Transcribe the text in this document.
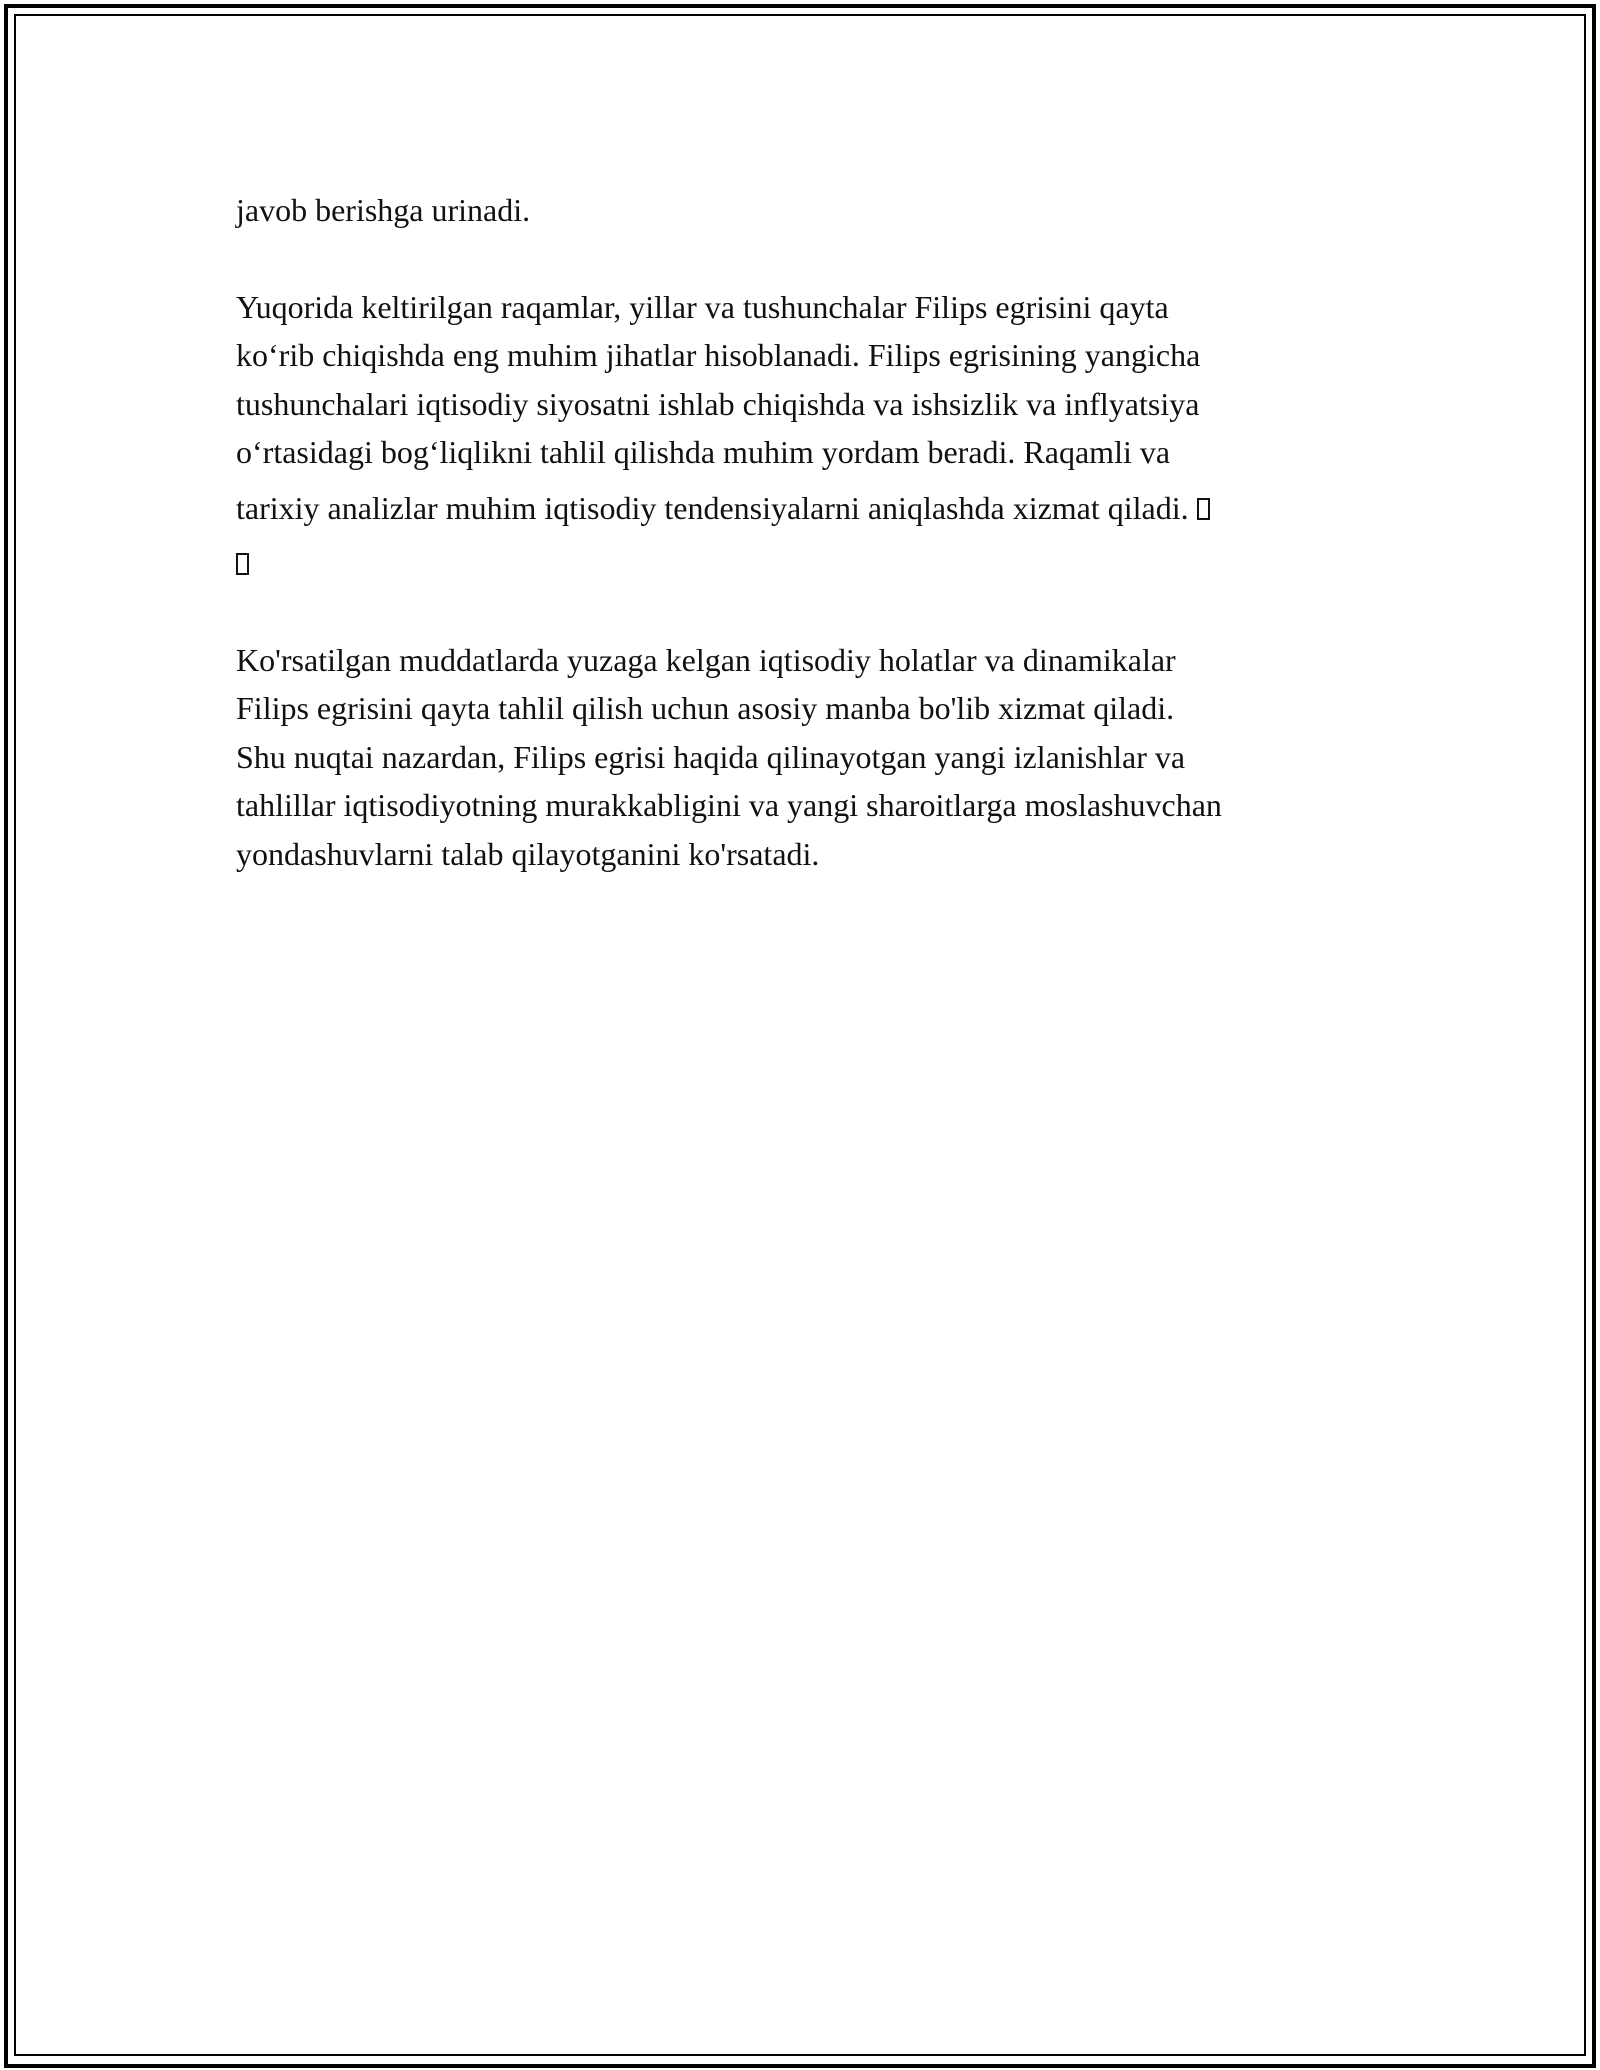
javob berishga urinadi.

Yuqorida keltirilgan raqamlar, yillar va tushunchalar Filips egrisini qayta
ko‘rib chiqishda eng muhim jihatlar hisoblanadi. Filips egrisining yangicha
tushunchalari iqtisodiy siyosatni ishlab chiqishda va ishsizlik va inflyatsiya
o‘rtasidagi bog‘liqlikni tahlil qilishda muhim yordam beradi. Raqamli va
tarixiy analizlar muhim iqtisodiy tendensiyalarni aniqlashda xizmat qiladi.
Ko'rsatilgan muddatlarda yuzaga kelgan iqtisodiy holatlar va dinamikalar
Filips egrisini qayta tahlil qilish uchun asosiy manba bo'lib xizmat qiladi.
Shu nuqtai nazardan, Filips egrisi haqida qilinayotgan yangi izlanishlar va
tahlillar iqtisodiyotning murakkabligini va yangi sharoitlarga moslashuvchan
yondashuvlarni talab qilayotganini ko'rsatadi.
